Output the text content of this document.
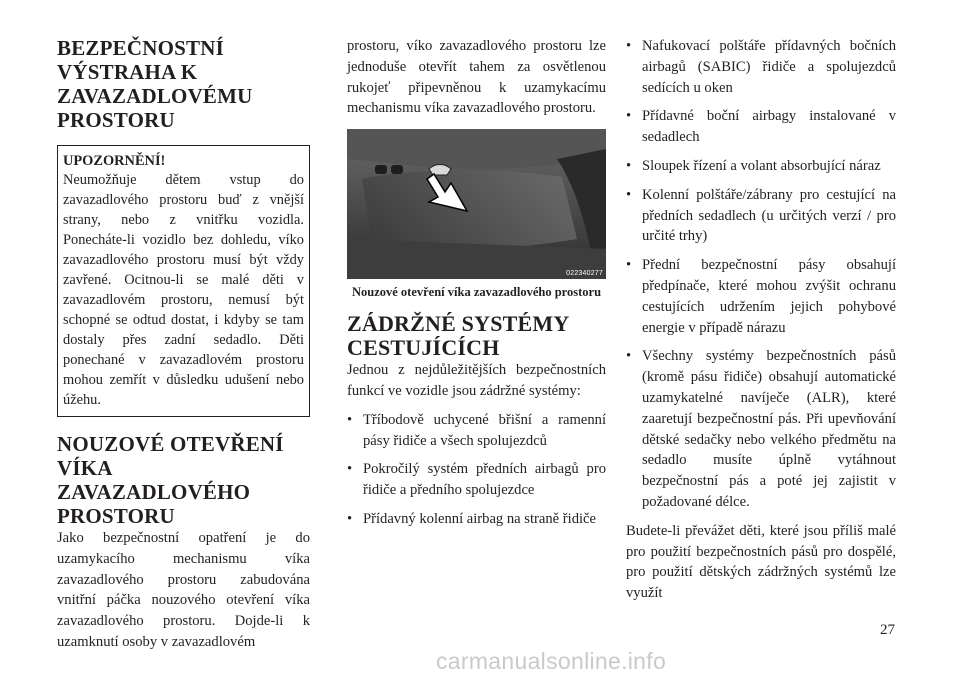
BEZPEČNOSTNÍ VÝSTRAHA K ZAVAZADLOVÉMU PROSTORU
UPOZORNĚNÍ!
Neumožňuje dětem vstup do zavazadlového prostoru buď z vnější strany, nebo z vnitřku vozidla. Ponecháte-li vozidlo bez dohledu, víko zavazadlového prostoru musí být vždy zavřené. Ocitnou-li se malé děti v zavazadlovém prostoru, nemusí být schopné se odtud dostat, i kdyby se tam dostaly přes zadní sedadlo. Děti ponechané v zavazadlovém prostoru mohou zemřít v důsledku udušení nebo úžehu.
NOUZOVÉ OTEVŘENÍ VÍKA ZAVAZADLOVÉHO PROSTORU

Jako bezpečnostní opatření je do uzamykacího mechanismu víka zavazadlového prostoru zabudována vnitřní páčka nouzového otevření víka zavazadlového prostoru. Dojde-li k uzamknutí osoby v zavazadlovém

prostoru, víko zavazadlového prostoru lze jednoduše otevřít tahem za osvětlenou rukojeť připevněnou k uzamykacímu mechanismu víka zavazadlového prostoru.

022340277
Nouzové otevření víka zavazadlového prostoru
ZÁDRŽNÉ SYSTÉMY CESTUJÍCÍCH

Jednou z nejdůležitějších bezpečnostních funkcí ve vozidle jsou zádržné systémy:

• Tříbodově uchycené břišní a ramenní pásy řidiče a všech spolujezdců
• Pokročilý systém předních airbagů pro řidiče a předního spolujezdce
• Přídavný kolenní airbag na straně řidiče
• Nafukovací polštáře přídavných bočních airbagů (SABIC) řidiče a spolujezdců sedících u oken
• Přídavné boční airbagy instalované v sedadlech
• Sloupek řízení a volant absorbující náraz
• Kolenní polštáře/zábrany pro cestující na předních sedadlech (u určitých verzí / pro určité trhy)
• Přední bezpečnostní pásy obsahují předpínače, které mohou zvýšit ochranu cestujících udržením jejich pohybové energie v případě nárazu
• Všechny systémy bezpečnostních pásů (kromě pásu řidiče) obsahují automatické uzamykatelné navíječe (ALR), které zaaretují bezpečnostní pás. Při upevňování dětské sedačky nebo velkého předmětu na sedadlo musíte úplně vytáhnout bezpečnostní pás a poté jej zajistit v požadované délce.

Budete-li převážet děti, které jsou příliš malé pro použití bezpečnostních pásů pro dospělé, pro použití dětských zádržných systémů lze využít

27
carmanualsonline.info
